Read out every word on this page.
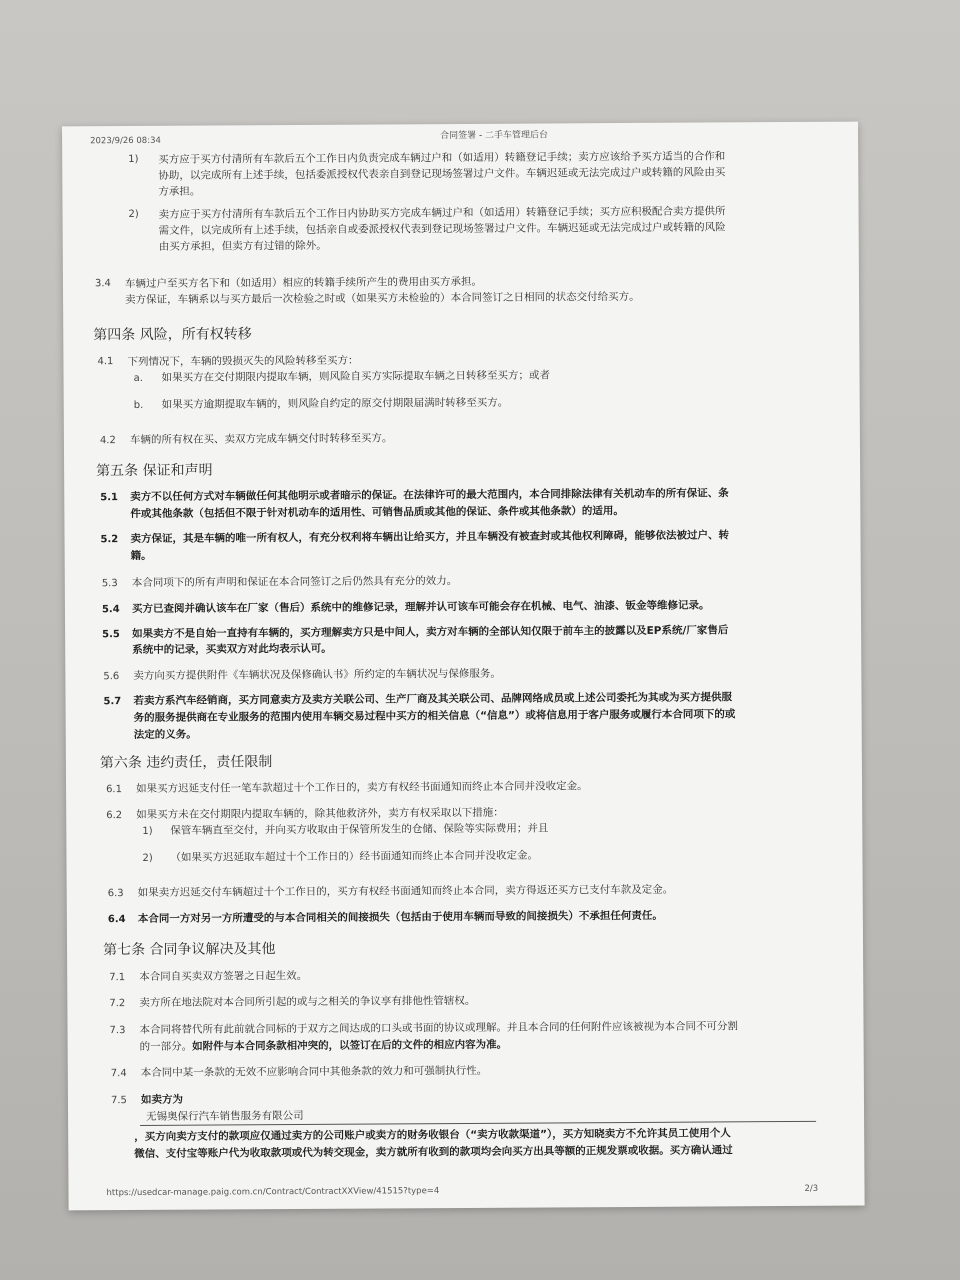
2023/9/26 08:34	合同签署 - 二手车管理后台
1) 买方应于买方付清所有车款后五个工作日内负责完成车辆过户和（如适用）转籍登记手续；卖方应该给予买方适当的合作和
协助，以完成所有上述手续，包括委派授权代表亲自到登记现场签署过户文件。车辆迟延或无法完成过户或转籍的风险由买
方承担。
2) 卖方应于买方付清所有车款后五个工作日内协助买方完成车辆过户和（如适用）转籍登记手续；买方应积极配合卖方提供所
需文件，以完成所有上述手续，包括亲自或委派授权代表到登记现场签署过户文件。车辆迟延或无法完成过户或转籍的风险
由买方承担，但卖方有过错的除外。
3.4 车辆过户至买方名下和（如适用）相应的转籍手续所产生的费用由买方承担。
卖方保证，车辆系以与买方最后一次检验之时或（如果买方未检验的）本合同签订之日相同的状态交付给买方。
第四条 风险，所有权转移
4.1 下列情况下，车辆的毁损灭失的风险转移至买方：
a. 如果买方在交付期限内提取车辆，则风险自买方实际提取车辆之日转移至买方；或者
b. 如果买方逾期提取车辆的，则风险自约定的原交付期限届满时转移至买方。
4.2 车辆的所有权在买、卖双方完成车辆交付时转移至买方。
第五条 保证和声明
5.1 卖方不以任何方式对车辆做任何其他明示或者暗示的保证。在法律许可的最大范围内，本合同排除法律有关机动车的所有保证、条
件或其他条款（包括但不限于针对机动车的适用性、可销售品质或其他的保证、条件或其他条款）的适用。
5.2 卖方保证，其是车辆的唯一所有权人，有充分权利将车辆出让给买方，并且车辆没有被查封或其他权利障碍，能够依法被过户、转
籍。
5.3 本合同项下的所有声明和保证在本合同签订之后仍然具有充分的效力。
5.4 买方已查阅并确认该车在厂家（售后）系统中的维修记录，理解并认可该车可能会存在机械、电气、油漆、钣金等维修记录。
5.5 如果卖方不是自始一直持有车辆的，买方理解卖方只是中间人，卖方对车辆的全部认知仅限于前车主的披露以及EP系统/厂家售后
系统中的记录，买卖双方对此均表示认可。
5.6 卖方向买方提供附件《车辆状况及保修确认书》所约定的车辆状况与保修服务。
5.7 若卖方系汽车经销商，买方同意卖方及卖方关联公司、生产厂商及其关联公司、品牌网络成员或上述公司委托为其或为买方提供服
务的服务提供商在专业服务的范围内使用车辆交易过程中买方的相关信息（“信息”）或将信息用于客户服务或履行本合同项下的或
法定的义务。
第六条 违约责任，责任限制
6.1 如果买方迟延支付任一笔车款超过十个工作日的，卖方有权经书面通知而终止本合同并没收定金。
6.2 如果买方未在交付期限内提取车辆的，除其他救济外，卖方有权采取以下措施：
1) 保管车辆直至交付，并向买方收取由于保管所发生的仓储、保险等实际费用；并且
2) （如果买方迟延取车超过十个工作日的）经书面通知而终止本合同并没收定金。
6.3 如果卖方迟延交付车辆超过十个工作日的，买方有权经书面通知而终止本合同，卖方得返还买方已支付车款及定金。
6.4 本合同一方对另一方所遭受的与本合同相关的间接损失（包括由于使用车辆而导致的间接损失）不承担任何责任。
第七条 合同争议解决及其他
7.1 本合同自买卖双方签署之日起生效。
7.2 卖方所在地法院对本合同所引起的或与之相关的争议享有排他性管辖权。
7.3 本合同将替代所有此前就合同标的于双方之间达成的口头或书面的协议或理解。并且本合同的任何附件应该被视为本合同不可分割
的一部分。如附件与本合同条款相冲突的，以签订在后的文件的相应内容为准。
7.4 本合同中某一条款的无效不应影响合同中其他条款的效力和可强制执行性。
7.5 如卖方为
无锡奥保行汽车销售服务有限公司
，买方向卖方支付的款项应仅通过卖方的公司账户或卖方的财务收银台（“卖方收款渠道”），买方知晓卖方不允许其员工使用个人
微信、支付宝等账户代为收取款项或代为转交现金，卖方就所有收到的款项均会向买方出具等额的正规发票或收据。买方确认通过
https://usedcar-manage.paig.com.cn/Contract/ContractXXView/41515?type=4	2/3
